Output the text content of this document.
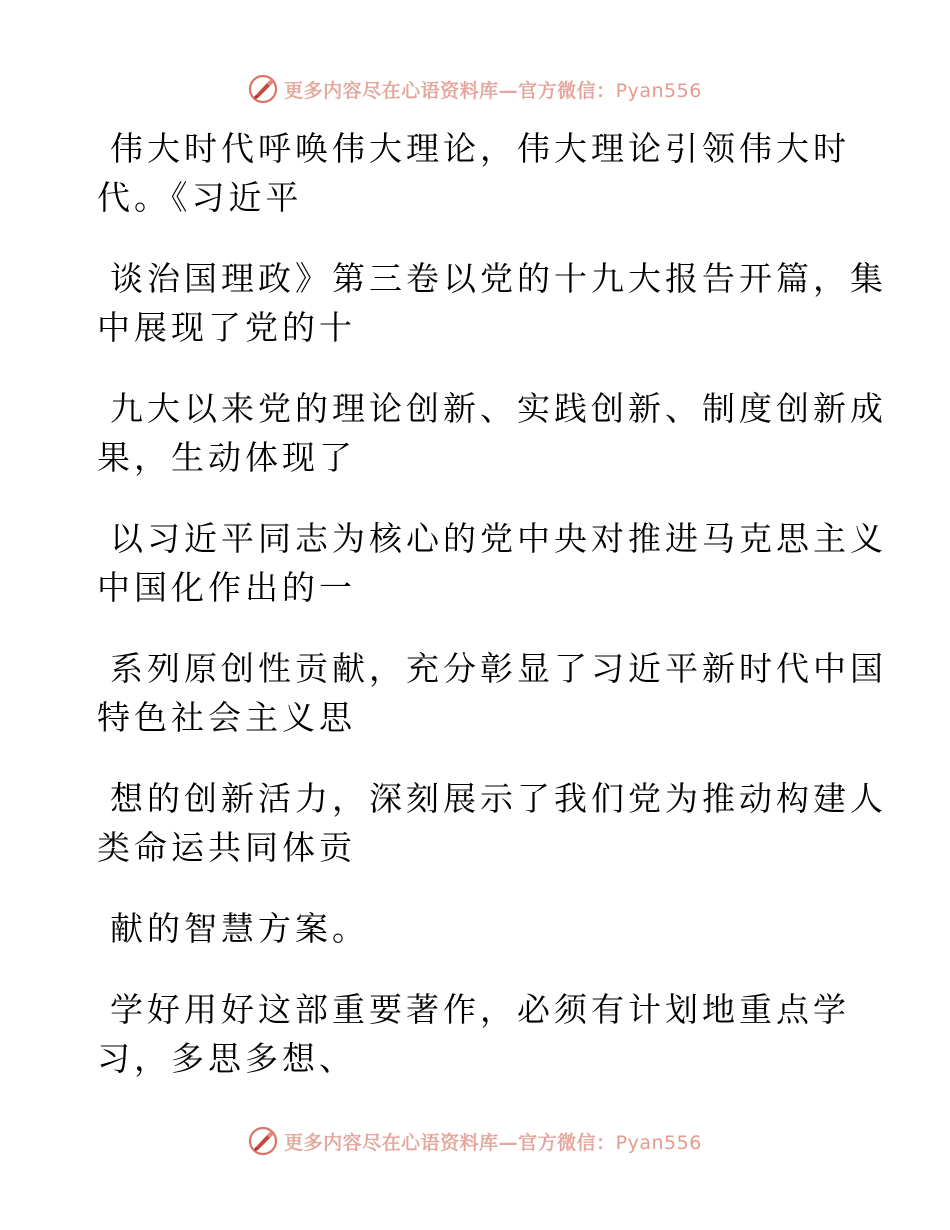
更多内容尽在心语资料库—官方微信：Pyan556

伟大时代呼唤伟大理论，伟大理论引领伟大时

代。《习近平

谈治国理政》第三卷以党的十九大报告开篇，集

中展现了党的十

九大以来党的理论创新、实践创新、制度创新成

果，生动体现了

以习近平同志为核心的党中央对推进马克思主义

中国化作出的一

系列原创性贡献，充分彰显了习近平新时代中国

特色社会主义思

想的创新活力，深刻展示了我们党为推动构建人

类命运共同体贡

献的智慧方案。

学好用好这部重要著作，必须有计划地重点学

习，多思多想、

更多内容尽在心语资料库—官方微信：Pyan556
